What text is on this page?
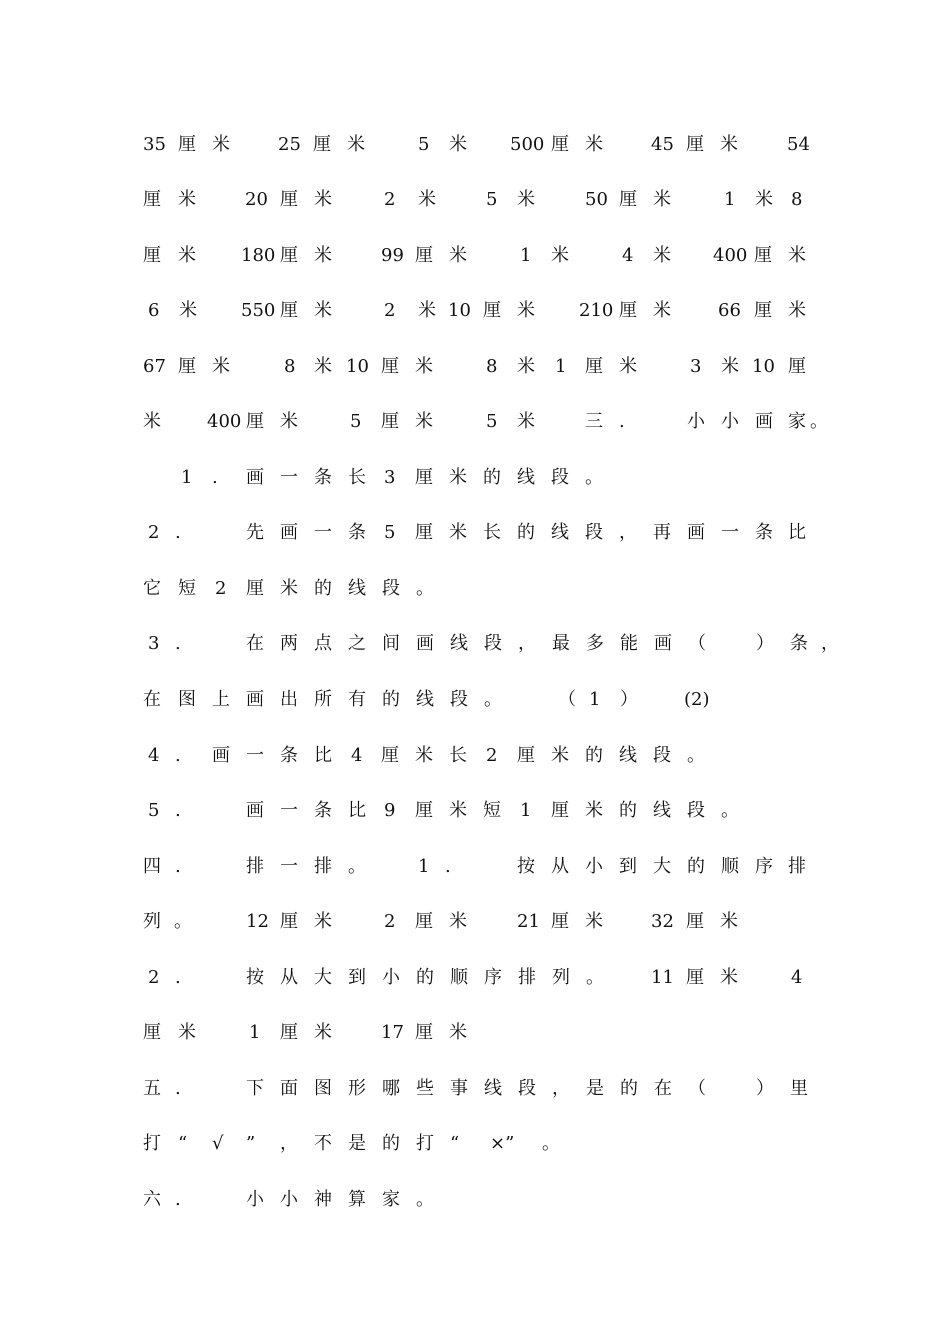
35 厘 米	25 厘 米	5 米 500 厘 米	45 厘 米	54
厘 米	20 厘 米	2 米	5 米	50 厘 米	1 米 8
厘 米	180 厘 米	99 厘 米	1 米	4 米 400 厘 米
6 米 550 厘 米	2 米 10 厘 米 210 厘 米	66 厘 米
67 厘 米	8 米 10 厘 米	8 米 1 厘 米	3 米 10 厘
米	400 厘 米	5 厘 米	5 米	三 .	小 小 画 家 。
1 . 画 一 条 长 3 厘 米 的 线 段 。
2 .	先 画 一 条 5 厘 米 长 的 线 段 ， 再 画 一 条 比
它 短 2 厘 米 的 线 段 。
3 .	在 两 点 之 间 画 线 段 ， 最 多 能 画 （	） 条 ，
在 图 上 画 出 所 有 的 线 段 。	（ 1 ）	(2)
4 . 画 一 条 比 4 厘 米 长 2 厘 米 的 线 段 。
5 .	画 一 条 比 9 厘 米 短 1 厘 米 的 线 段 。
四 .	排 一 排 。	1 .	按 从 小 到 大 的 顺 序 排
列 。	12 厘 米	2 厘 米	21 厘 米	32 厘 米
2 .	按 从 大 到 小 的 顺 序 排 列 。	11 厘 米	4
厘 米	1 厘 米	17 厘 米
五 .	下 面 图 形 哪 些 事 线 段 ， 是 的 在 （	） 里
打 “ √ ” ， 不 是 的 打 “ ×” 。
六 .	小 小 神 算 家 。
